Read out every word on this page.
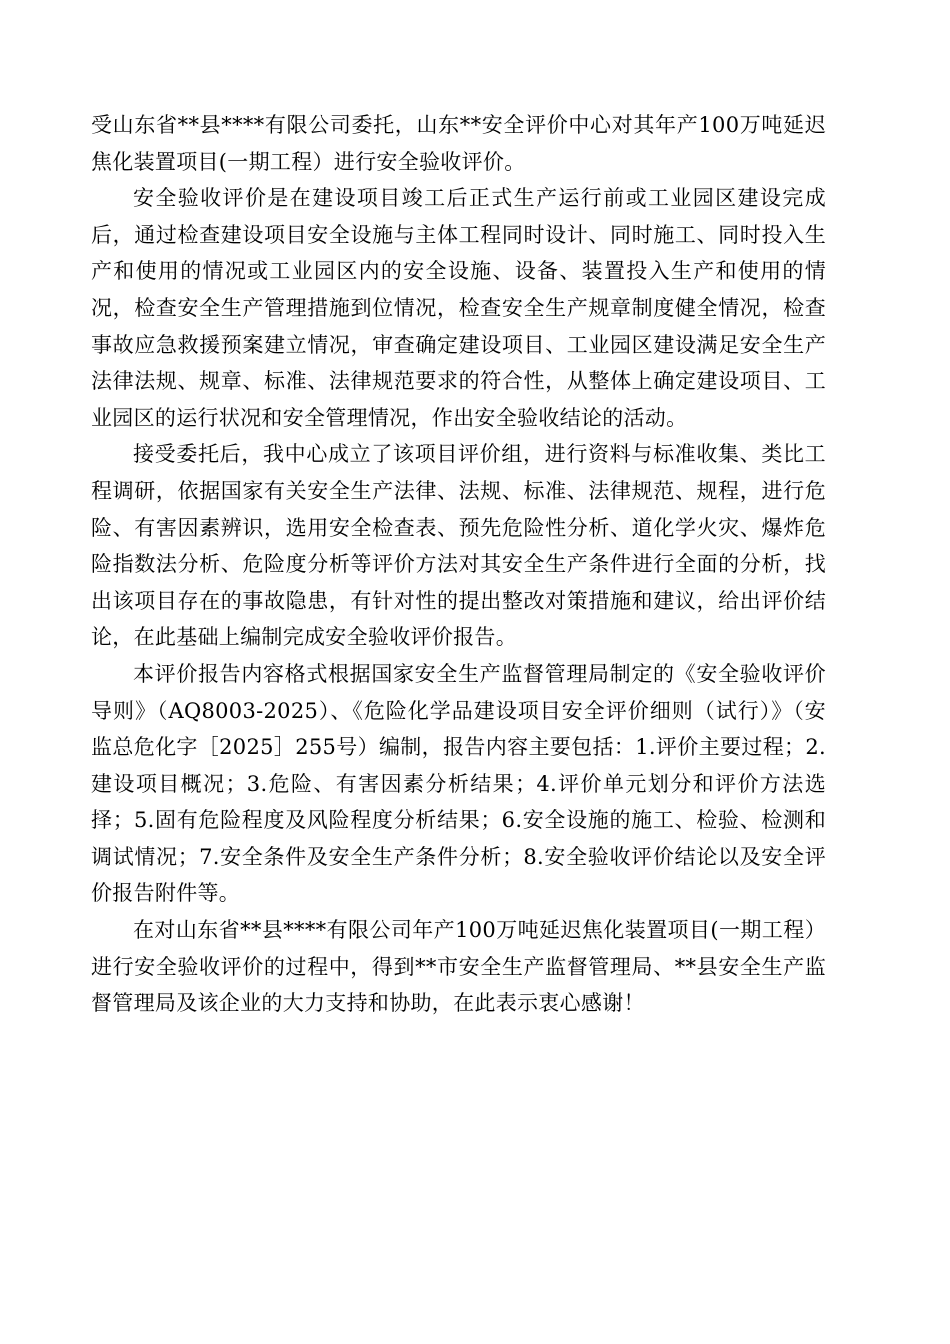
受山东省**县****有限公司委托，山东**安全评价中心对其年产100万吨延迟焦化装置项目(一期工程）进行安全验收评价。

安全验收评价是在建设项目竣工后正式生产运行前或工业园区建设完成后，通过检查建设项目安全设施与主体工程同时设计、同时施工、同时投入生产和使用的情况或工业园区内的安全设施、设备、装置投入生产和使用的情况，检查安全生产管理措施到位情况，检查安全生产规章制度健全情况，检查事故应急救援预案建立情况，审查确定建设项目、工业园区建设满足安全生产法律法规、规章、标准、法律规范要求的符合性，从整体上确定建设项目、工业园区的运行状况和安全管理情况，作出安全验收结论的活动。

接受委托后，我中心成立了该项目评价组，进行资料与标准收集、类比工程调研，依据国家有关安全生产法律、法规、标准、法律规范、规程，进行危险、有害因素辨识，选用安全检查表、预先危险性分析、道化学火灾、爆炸危险指数法分析、危险度分析等评价方法对其安全生产条件进行全面的分析，找出该项目存在的事故隐患，有针对性的提出整改对策措施和建议，给出评价结论，在此基础上编制完成安全验收评价报告。

本评价报告内容格式根据国家安全生产监督管理局制定的《安全验收评价导则》（AQ8003-2025）、《危险化学品建设项目安全评价细则（试行）》（安监总危化字［2025］255号）编制，报告内容主要包括：1.评价主要过程；2.建设项目概况；3.危险、有害因素分析结果；4.评价单元划分和评价方法选择；5.固有危险程度及风险程度分析结果；6.安全设施的施工、检验、检测和调试情况；7.安全条件及安全生产条件分析；8.安全验收评价结论以及安全评价报告附件等。

在对山东省**县****有限公司年产100万吨延迟焦化装置项目(一期工程）进行安全验收评价的过程中，得到**市安全生产监督管理局、**县安全生产监督管理局及该企业的大力支持和协助，在此表示衷心感谢！
